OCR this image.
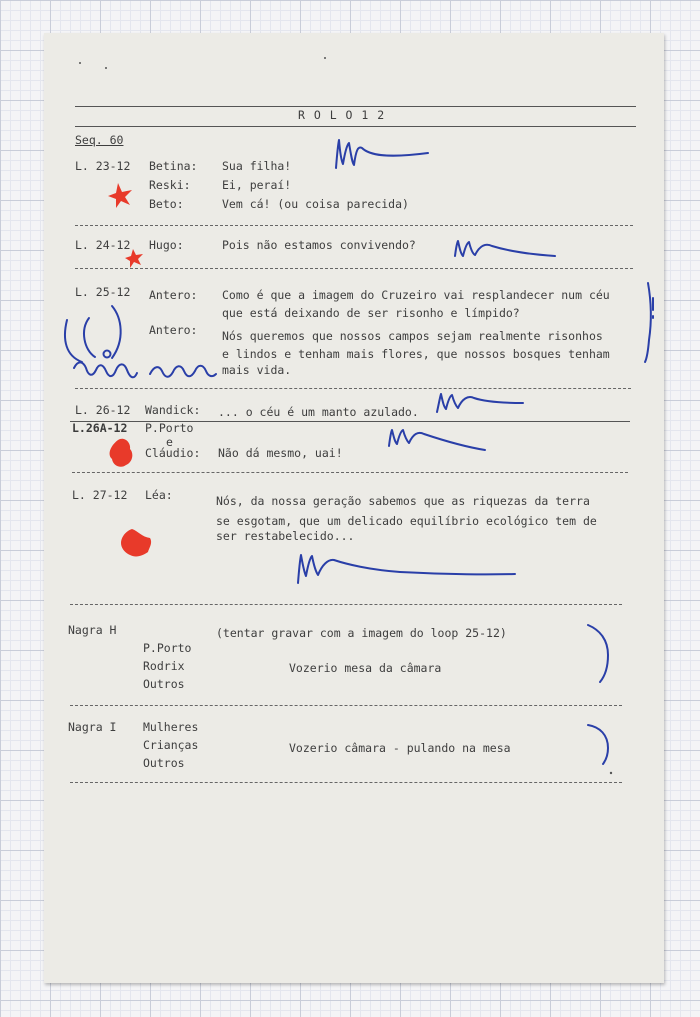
R O L O 1 2
Seq. 60
L. 23-12 Betina: Sua filha!
Reski:	Ei, peraí!
Beto:	Vem cá! (ou coisa parecida)
L. 24-12 Hugo:	Pois não estamos convivendo?
L. 25-12 Antero: Como é que a imagem do Cruzeiro vai resplandecer num céu
que está deixando de ser risonho e límpido?
Antero: Nós queremos que nossos campos sejam realmente risonhos
e lindos e tenham mais flores, que nossos bosques tenham
mais vida.
L. 26-12 Wandick: ... o céu é um manto azulado.
L.26A-12 P.Porto
e
Cláudio: Não dá mesmo, uai!
L. 27-12 Léa:	Nós, da nossa geração sabemos que as riquezas da terra
se esgotam, que um delicado equilíbrio ecológico tem de
ser restabelecido...
Nagra H	(tentar gravar com a imagem do loop 25-12)
P.Porto
Rodrix
Outros
Vozerio mesa da câmara
Nagra I Mulheres
Crianças
Outros
Vozerio câmara - pulando na mesa
